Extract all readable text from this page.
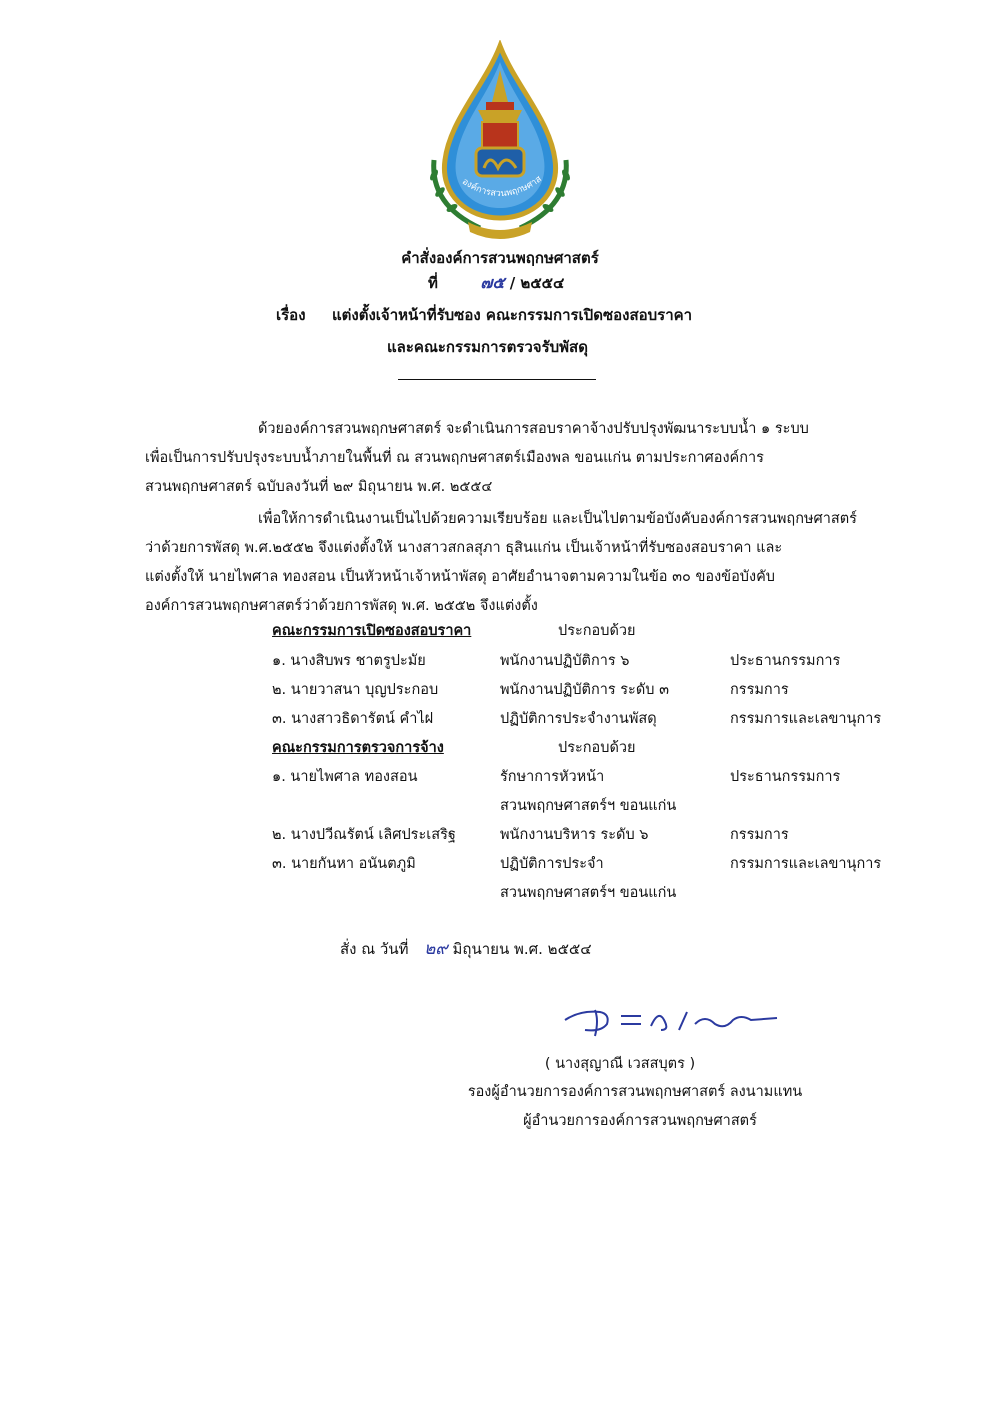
องค์การสวนพฤกษศาส
คำสั่งองค์การสวนพฤกษศาสตร์
ที่	๗๕ / ๒๕๕๔
เรื่อง แต่งตั้งเจ้าหน้าที่รับซอง คณะกรรมการเปิดซองสอบราคา
และคณะกรรมการตรวจรับพัสดุ
ด้วยองค์การสวนพฤกษศาสตร์ จะดำเนินการสอบราคาจ้างปรับปรุงพัฒนาระบบน้ำ ๑ ระบบ
เพื่อเป็นการปรับปรุงระบบน้ำภายในพื้นที่ ณ สวนพฤกษศาสตร์เมืองพล ขอนแก่น ตามประกาศองค์การ
สวนพฤกษศาสตร์ ฉบับลงวันที่ ๒๙ มิถุนายน พ.ศ. ๒๕๕๔
เพื่อให้การดำเนินงานเป็นไปด้วยความเรียบร้อย และเป็นไปตามข้อบังคับองค์การสวนพฤกษศาสตร์
ว่าด้วยการพัสดุ พ.ศ.๒๕๕๒ จึงแต่งตั้งให้ นางสาวสกลสุภา ธุสินแก่น เป็นเจ้าหน้าที่รับซองสอบราคา และ
แต่งตั้งให้ นายไพศาล ทองสอน เป็นหัวหน้าเจ้าหน้าพัสดุ อาศัยอำนาจตามความในข้อ ๓๐ ของข้อบังคับ
องค์การสวนพฤกษศาสตร์ว่าด้วยการพัสดุ พ.ศ. ๒๕๕๒ จึงแต่งตั้ง
คณะกรรมการเปิดซองสอบราคา	ประกอบด้วย
๑. นางสิบพร ชาตรูปะมัย	พนักงานปฏิบัติการ ๖	ประธานกรรมการ
๒. นายวาสนา บุญประกอบ	พนักงานปฏิบัติการ ระดับ ๓	กรรมการ
๓. นางสาวธิดารัตน์ คำไฝ	ปฏิบัติการประจำงานพัสดุ	กรรมการและเลขานุการ
คณะกรรมการตรวจการจ้าง	ประกอบด้วย
๑. นายไพศาล ทองสอน	รักษาการหัวหน้า	ประธานกรรมการ
สวนพฤกษศาสตร์ฯ ขอนแก่น
๒. นางปวีณรัตน์ เลิศประเสริฐ	พนักงานบริหาร ระดับ ๖	กรรมการ
๓. นายกันหา อนันตภูมิ	ปฏิบัติการประจำ	กรรมการและเลขานุการ
สวนพฤกษศาสตร์ฯ ขอนแก่น
สั่ง ณ วันที่ ๒๙ มิถุนายน พ.ศ. ๒๕๕๔
( นางสุญาณี เวสสบุตร )
รองผู้อำนวยการองค์การสวนพฤกษศาสตร์ ลงนามแทน
ผู้อำนวยการองค์การสวนพฤกษศาสตร์
